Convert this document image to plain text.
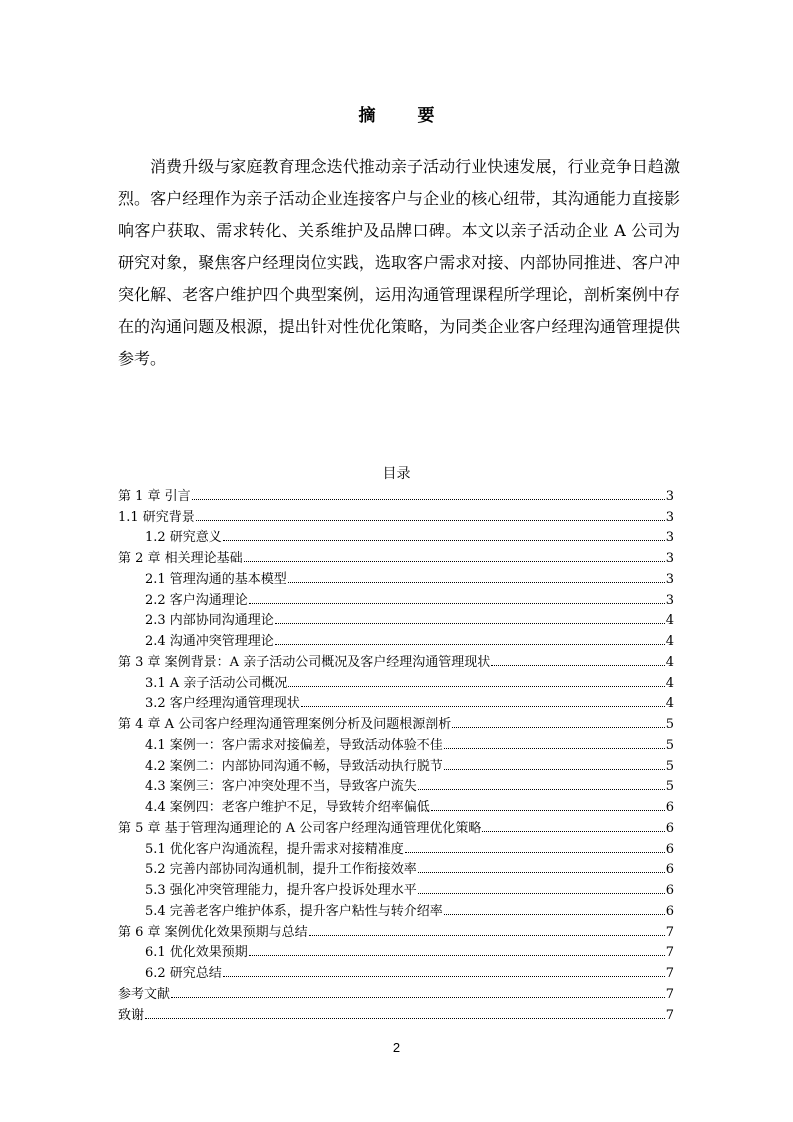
摘 要

消费升级与家庭教育理念迭代推动亲子活动行业快速发展，行业竞争日趋激烈。客户经理作为亲子活动企业连接客户与企业的核心纽带，其沟通能力直接影响客户获取、需求转化、关系维护及品牌口碑。本文以亲子活动企业 A 公司为研究对象，聚焦客户经理岗位实践，选取客户需求对接、内部协同推进、客户冲突化解、老客户维护四个典型案例，运用沟通管理课程所学理论，剖析案例中存在的沟通问题及根源，提出针对性优化策略，为同类企业客户经理沟通管理提供参考。

目录
第 1 章 引言	3
1.1 研究背景	3
1.2 研究意义	3
第 2 章 相关理论基础	3
2.1 管理沟通的基本模型	3
2.2 客户沟通理论	3
2.3 内部协同沟通理论	4
2.4 沟通冲突管理理论	4
第 3 章 案例背景：A 亲子活动公司概况及客户经理沟通管理现状	4
3.1 A 亲子活动公司概况	4
3.2 客户经理沟通管理现状	4
第 4 章 A 公司客户经理沟通管理案例分析及问题根源剖析	5
4.1 案例一：客户需求对接偏差，导致活动体验不佳	5
4.2 案例二：内部协同沟通不畅，导致活动执行脱节	5
4.3 案例三：客户冲突处理不当，导致客户流失	5
4.4 案例四：老客户维护不足，导致转介绍率偏低	6
第 5 章 基于管理沟通理论的 A 公司客户经理沟通管理优化策略	6
5.1 优化客户沟通流程，提升需求对接精准度	6
5.2 完善内部协同沟通机制，提升工作衔接效率	6
5.3 强化冲突管理能力，提升客户投诉处理水平	6
5.4 完善老客户维护体系，提升客户粘性与转介绍率	6
第 6 章 案例优化效果预期与总结	7
6.1 优化效果预期	7
6.2 研究总结	7
参考文献	7
致谢	7
2
